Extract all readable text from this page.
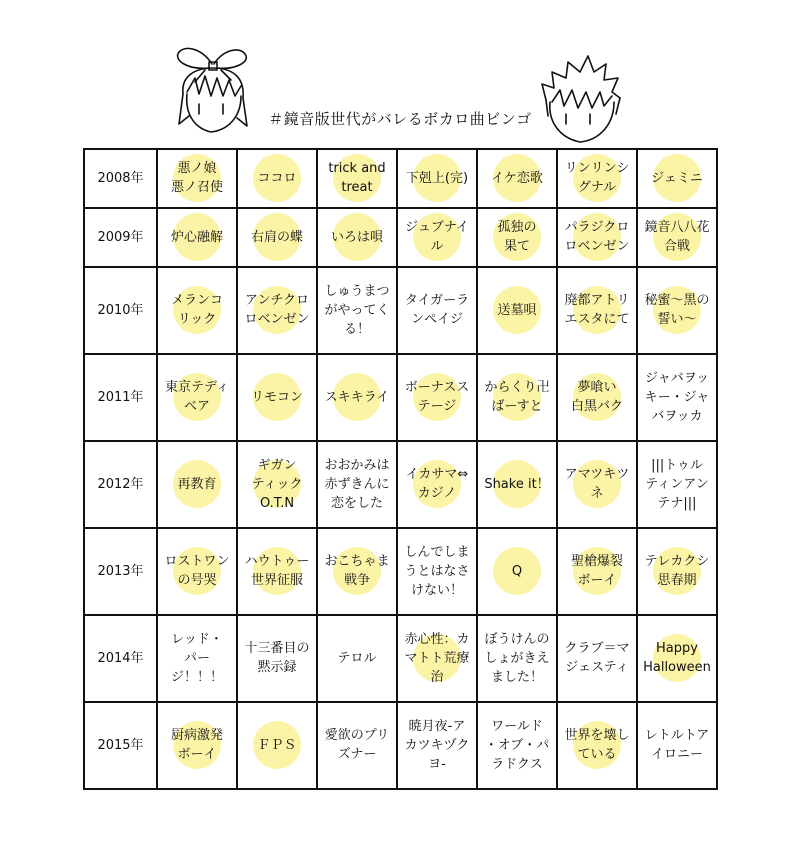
＃鏡音版世代がバレるボカロ曲ビンゴ
2008年	悪ノ娘
悪ノ召使	ココロ	trick and
treat	下剋上(完)	イケ恋歌	リンリンシ
グナル	ジェミニ

2009年	炉心融解	右肩の蝶	いろは唄	ジュブナイ
ル	孤独の
果て	パラジクロ
ロベンゼン	鏡音八八花
合戦

2010年	メランコ
リック	アンチクロ
ロベンゼン	しゅうまつ
がやってく
る！	タイガーラ
ンペイジ	送墓唄	廃都アトリ
エスタにて	秘蜜～黒の
誓い～

2011年	東京テディ
ベア	リモコン	スキキライ	ボーナスス
テージ	からくり卍
ばーすと	夢喰い
白黒バク	ジャバヲッ
キー・ジャ
バヲッカ

2012年	再教育	ギガン
ティック
O.T.N	おおかみは
赤ずきんに
恋をした	イカサマ⇔
カジノ	Shake it！	アマツキツ
ネ	|||トゥル
ティンアン
テナ|||

2013年	ロストワン
の号哭	ハウトゥー
世界征服	おこちゃま
戦争	しんでしま
うとはなさ
けない！	Q	聖槍爆裂
ボーイ	テレカクシ
思春期

2014年	レッド・
パー
ジ！！！	十三番目の
黙示録	テロル	赤心性：カ
マトト荒療
治	ぼうけんの
しょがきえ
ました！	クラブ＝マ
ジェスティ	Happy
Halloween

2015年	厨病激発
ボーイ	ＦＰＳ	愛欲のプリ
ズナー	暁月夜-ア
カツキヅク
ヨ-	ワールド
・オブ・パ
ラドクス	世界を壊し
ている	レトルトア
イロニー
